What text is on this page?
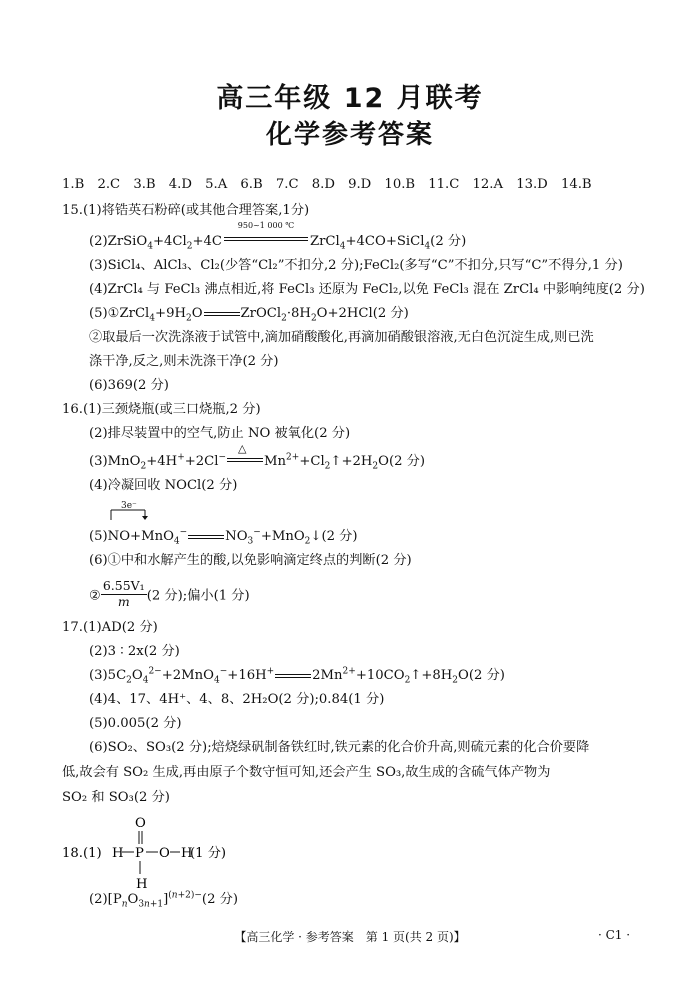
高三年级 12 月联考
化学参考答案
1.B　2.C　3.B　4.D　5.A　6.B　7.C　8.D　9.D　10.B　11.C　12.A　13.D　14.B
15.(1)将锆英石粉碎(或其他合理答案,1分)
$(2)ZrSiO_4+4Cl_2+4C$
950~1 000 ℃
ZrCl$_4$+4CO+SiCl$_4$(2 分)
(3)SiCl₄、AlCl₃、Cl₂(少答“Cl₂”不扣分,2 分);FeCl₂(多写“C”不扣分,只写“C”不得分,1 分)
(4)ZrCl₄ 与 FeCl₃ 沸点相近,将 FeCl₃ 还原为 FeCl₂,以免 FeCl₃ 混在 ZrCl₄ 中影响纯度(2 分)
$(5)①ZrCl_4+9H_2O$	$ZrOCl_2\cdot 8H_2O+2HCl(2$ 分)
②取最后一次洗涤液于试管中,滴加硝酸酸化,再滴加硝酸银溶液,无白色沉淀生成,则已洗
涤干净,反之,则未洗涤干净(2 分)
(6)369(2 分)
16.(1)三颈烧瓶(或三口烧瓶,2 分)
(2)排尽装置中的空气,防止 NO 被氧化(2 分)
(3)MnO$_2$+4H++2Cl−
△
$Mn^{2+}+Cl_2↑+2H_2O(2$ 分)
(4)冷凝回收 NOCl(2 分)
3e⁻
(5)NO+MnO$_4$−	$NO_3^-+MnO_2↓(2$ 分)
(6)①中和水解产生的酸,以免影响滴定终点的判断(2 分)
② $\frac{\text{6.55V₁}}{m} (2$ 分);偏小(1 分)
17.(1)AD(2 分)
(2)3 ∶ 2x(2 分)
$(3)5C_2O_4^{2-}+2MnO_4^-+16H^+$	$2Mn^{2+}+10CO_2↑+8H_2O(2$ 分)
(4)4、17、4H⁺、4、8、2H₂O(2 分);0.84(1 分)
(5)0.005(2 分)
(6)SO₂、SO₃(2 分);焙烧绿矾制备铁红时,铁元素的化合价升高,则硫元素的化合价要降
低,故会有 SO₂ 生成,再由原子个数守恒可知,还会产生 SO₃,故生成的含硫气体产物为
SO₂ 和 SO₃(2 分)
18.(1) H P
O
H
O H
(1 分)
$(2)[P_nO_{3n+1}]^{(n+2)-}(2$ 分)
【高三化学 · 参考答案　第 1 页(共 2 页)】	· C1 ·
